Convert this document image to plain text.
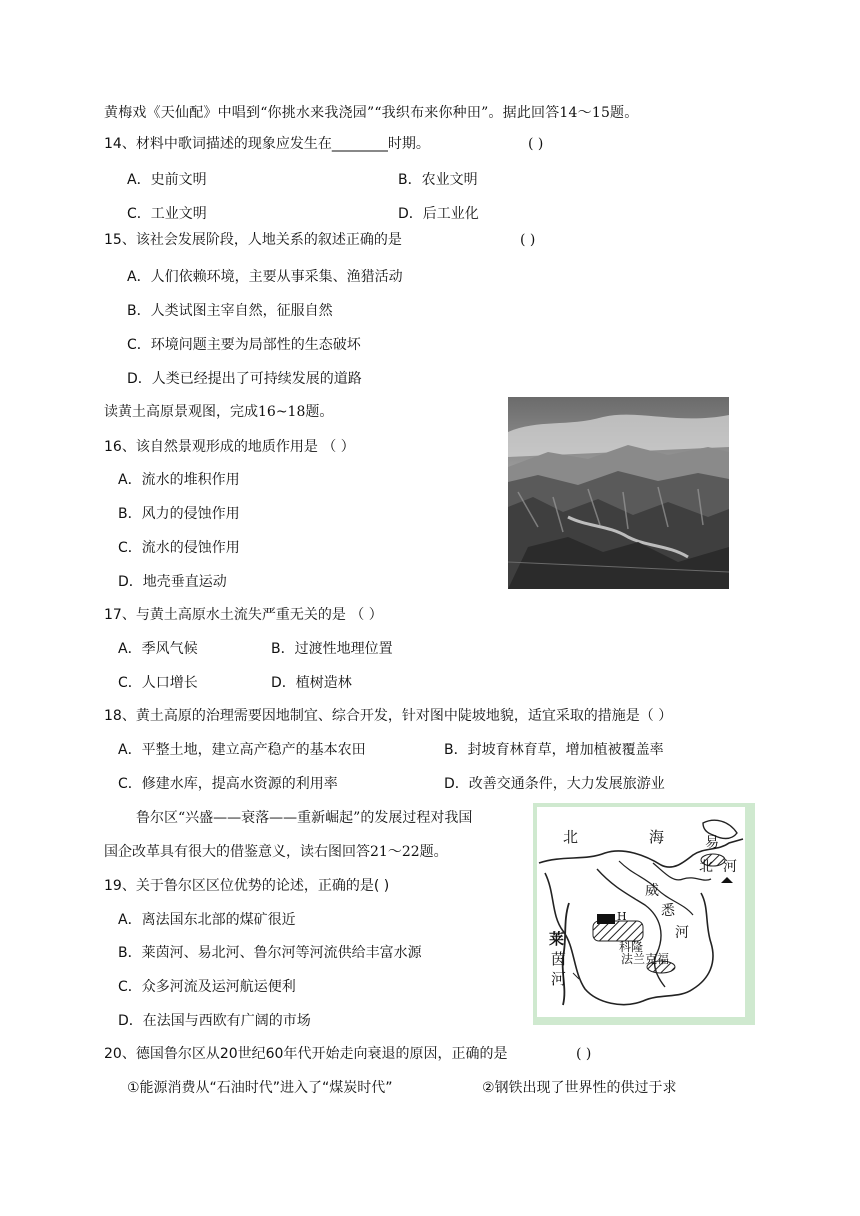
黄梅戏《天仙配》中唱到“你挑水来我浇园”“我织布来你种田”。据此回答14～15题。
14、材料中歌词描述的现象应发生在________时期。	( )
A．史前文明	B．农业文明
C．工业文明	D．后工业化
15、该社会发展阶段，人地关系的叙述正确的是	( )
A．人们依赖环境，主要从事采集、渔猎活动
B．人类试图主宰自然，征服自然
C．环境问题主要为局部性的生态破坏
D．人类已经提出了可持续发展的道路
读黄土高原景观图，完成16~18题。
16、该自然景观形成的地质作用是 （ ）
A．流水的堆积作用
B．风力的侵蚀作用
C．流水的侵蚀作用
D．地壳垂直运动
17、与黄土高原水土流失严重无关的是 （ ）
A．季风气候	B．过渡性地理位置
C．人口增长	D．植树造林
18、黄土高原的治理需要因地制宜、综合开发，针对图中陡坡地貌，适宜采取的措施是（ ）
A．平整土地，建立高产稳产的基本农田	B．封坡育林育草，增加植被覆盖率
C．修建水库，提高水资源的利用率	D．改善交通条件，大力发展旅游业
鲁尔区“兴盛——衰落——重新崛起”的发展过程对我国
国企改革具有很大的借鉴意义，读右图回答21～22题。
北	海	易
北 河
威
悉
河
H
科隆
法兰克福
莱
茵
河
19、关于鲁尔区区位优势的论述，正确的是( )
A．离法国东北部的煤矿很近
B．莱茵河、易北河、鲁尔河等河流供给丰富水源
C．众多河流及运河航运便利
D．在法国与西欧有广阔的市场
20、德国鲁尔区从20世纪60年代开始走向衰退的原因，正确的是	( )
①能源消费从“石油时代”进入了“煤炭时代”	②钢铁出现了世界性的供过于求
